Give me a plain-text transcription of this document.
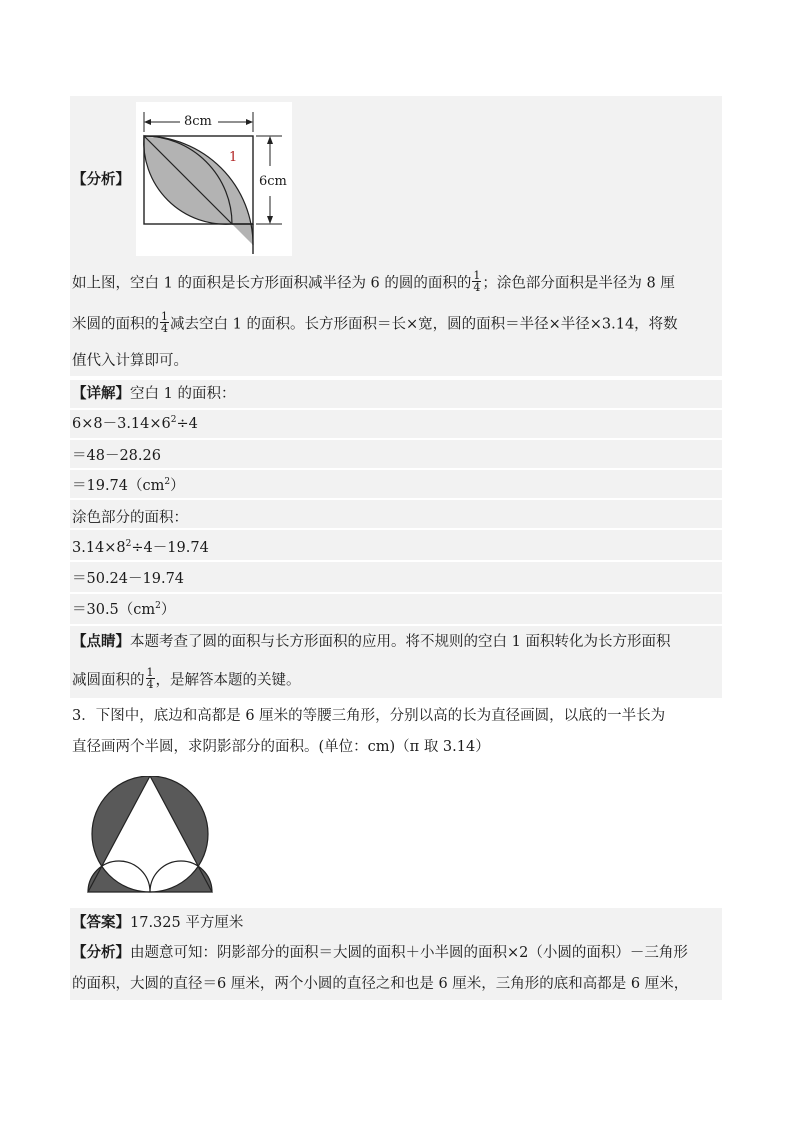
【分析】
8cm
6cm
1
如上图，空白 1 的面积是长方形面积减半径为 6 的圆的面积的 $\frac{1}{4}$ ；涂色部分面积是半径为 8 厘
米圆的面积的 $\frac{1}{4}$ 减去空白 1 的面积。长方形面积＝长×宽，圆的面积＝半径×半径×3.14，将数
值代入计算即可。
【详解】空白 1 的面积：
$6\times 8-3.14\times 6^2\div 4$
＝48－28.26
$=19.74(cm^2)$
涂色部分的面积：
$3.14\times 8^2\div 4-19.74$
＝50.24－19.74
$=30.5(cm^2)$
【点睛】本题考查了圆的面积与长方形面积的应用。将不规则的空白 1 面积转化为长方形面积
减圆面积的 $\frac{1}{4}$ ，是解答本题的关键。
3．下图中，底边和高都是 6 厘米的等腰三角形，分别以高的长为直径画圆，以底的一半长为
直径画两个半圆，求阴影部分的面积。(单位：cm)（π 取 3.14）
【答案】17.325 平方厘米
【分析】由题意可知：阴影部分的面积＝大圆的面积＋小半圆的面积×2（小圆的面积）－三角形
的面积，大圆的直径＝6 厘米，两个小圆的直径之和也是 6 厘米，三角形的底和高都是 6 厘米，
